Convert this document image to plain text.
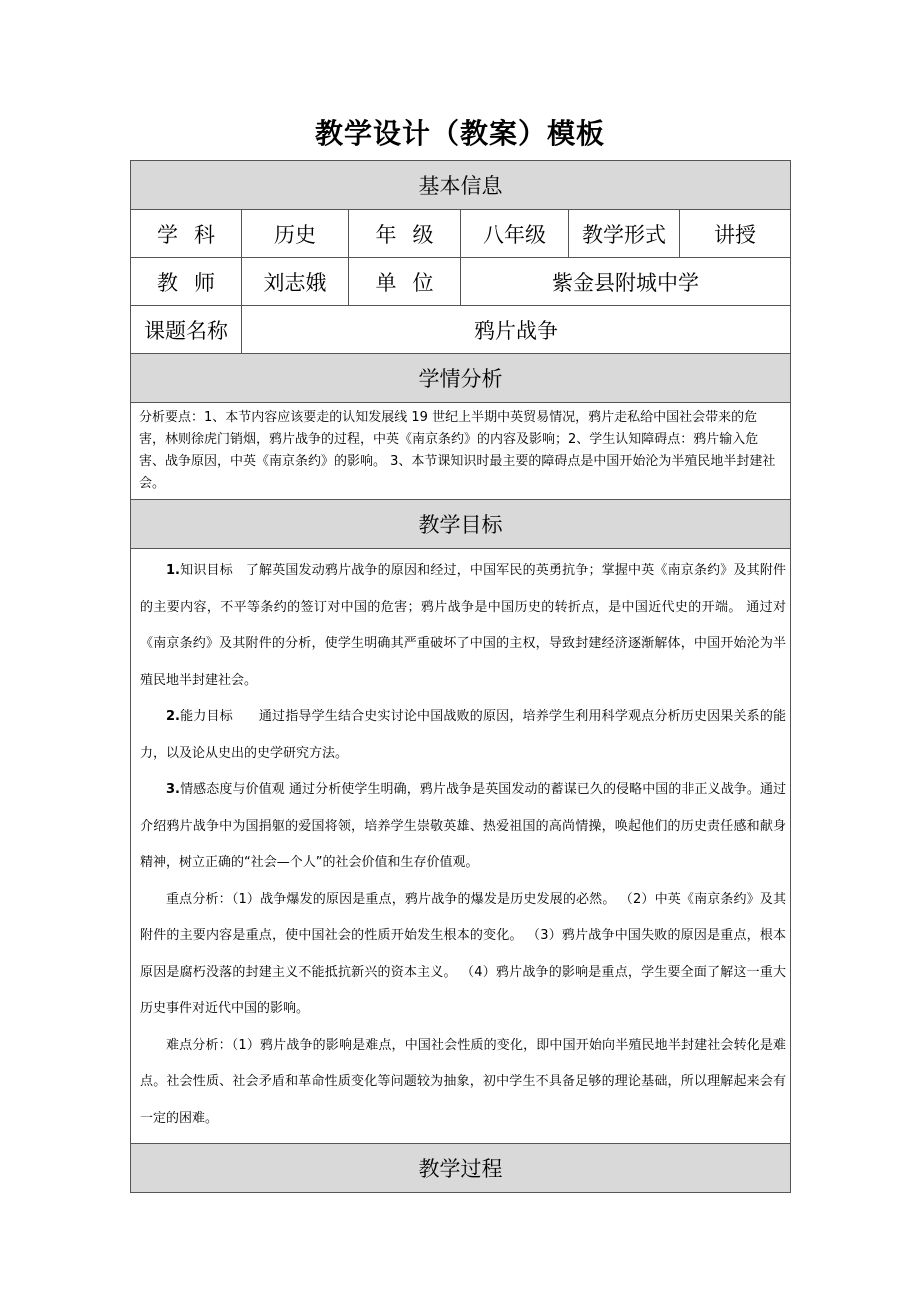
教学设计（教案）模板
基本信息					
学科	历史	年级	八年级	教学形式	讲授
教师	刘志娥	单位	紫金县附城中学		
课题名称	鸦片战争				
学情分析					
分析要点：1、本节内容应该要走的认知发展线 19 世纪上半期中英贸易情况，鸦片走私给中国社会带来的危害，林则徐虎门销烟，鸦片战争的过程，中英《南京条约》的内容及影响；2、学生认知障碍点：鸦片输入危害、战争原因，中英《南京条约》的影响。 3、本节课知识时最主要的障碍点是中国开始沦为半殖民地半封建社会。					
教学目标					

1.知识目标 了解英国发动鸦片战争的原因和经过，中国军民的英勇抗争；掌握中英《南京条约》及其附件的主要内容，不平等条约的签订对中国的危害；鸦片战争是中国历史的转折点，是中国近代史的开端。 通过对《南京条约》及其附件的分析，使学生明确其严重破坏了中国的主权，导致封建经济逐渐解体，中国开始沦为半殖民地半封建社会。

2.能力目标 通过指导学生结合史实讨论中国战败的原因，培养学生利用科学观点分析历史因果关系的能力，以及论从史出的史学研究方法。

3.情感态度与价值观 通过分析使学生明确，鸦片战争是英国发动的蓄谋已久的侵略中国的非正义战争。通过介绍鸦片战争中为国捐躯的爱国将领，培养学生崇敬英雄、热爱祖国的高尚情操，唤起他们的历史责任感和献身精神，树立正确的“社会—个人”的社会价值和生存价值观。

重点分析：（1）战争爆发的原因是重点，鸦片战争的爆发是历史发展的必然。 （2）中英《南京条约》及其附件的主要内容是重点，使中国社会的性质开始发生根本的变化。 （3）鸦片战争中国失败的原因是重点，根本原因是腐朽没落的封建主义不能抵抗新兴的资本主义。 （4）鸦片战争的影响是重点，学生要全面了解这一重大历史事件对近代中国的影响。

难点分析：（1）鸦片战争的影响是难点，中国社会性质的变化，即中国开始向半殖民地半封建社会转化是难点。社会性质、社会矛盾和革命性质变化等问题较为抽象，初中学生不具备足够的理论基础，所以理解起来会有一定的困难。					

教学过程					
